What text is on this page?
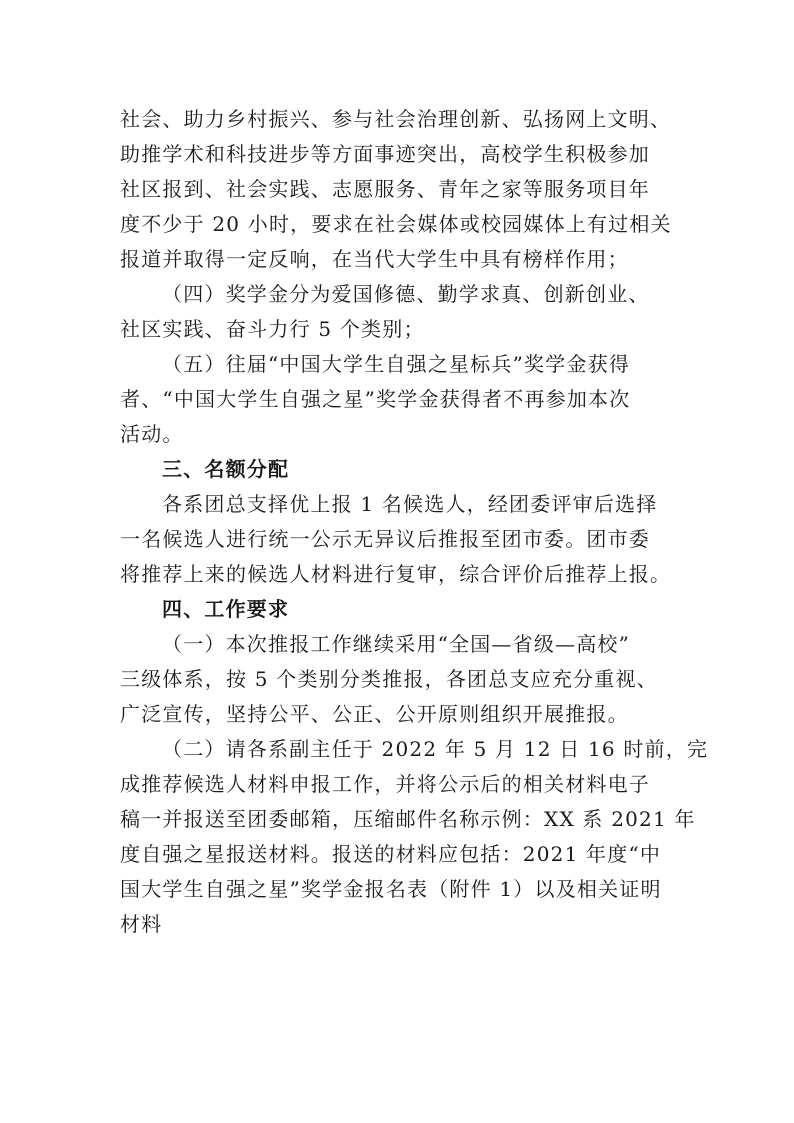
社会、助力乡村振兴、参与社会治理创新、弘扬网上文明、
助推学术和科技进步等方面事迹突出，高校学生积极参加
社区报到、社会实践、志愿服务、青年之家等服务项目年
度不少于 20 小时，要求在社会媒体或校园媒体上有过相关
报道并取得一定反响，在当代大学生中具有榜样作用；
（四）奖学金分为爱国修德、勤学求真、创新创业、
社区实践、奋斗力行 5 个类别；
（五）往届“中国大学生自强之星标兵”奖学金获得
者、“中国大学生自强之星”奖学金获得者不再参加本次
活动。
三、名额分配
各系团总支择优上报 1 名候选人，经团委评审后选择
一名候选人进行统一公示无异议后推报至团市委。团市委
将推荐上来的候选人材料进行复审，综合评价后推荐上报。
四、工作要求
（一）本次推报工作继续采用“全国—省级—高校”
三级体系，按 5 个类别分类推报，各团总支应充分重视、
广泛宣传，坚持公平、公正、公开原则组织开展推报。
（二）请各系副主任于 2022 年 5 月 12 日 16 时前，完
成推荐候选人材料申报工作，并将公示后的相关材料电子
稿一并报送至团委邮箱，压缩邮件名称示例：XX 系 2021 年
度自强之星报送材料。报送的材料应包括：2021 年度“中
国大学生自强之星”奖学金报名表（附件 1）以及相关证明
材料
